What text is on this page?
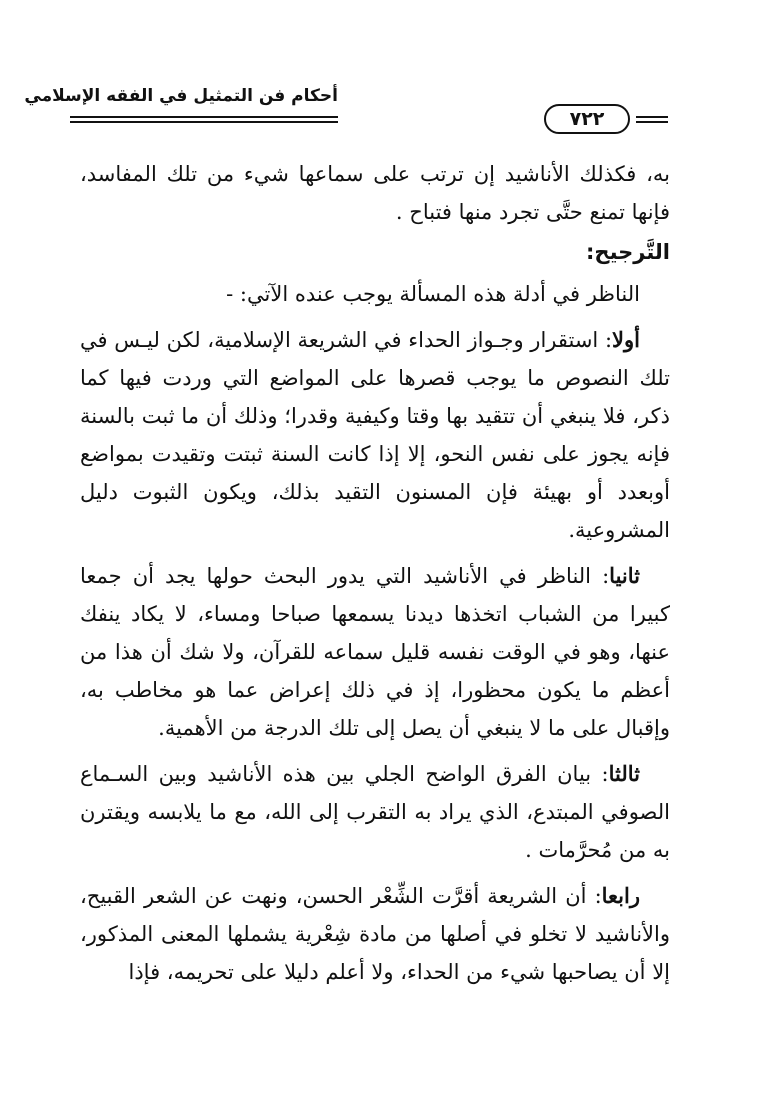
أحكام فن التمثيل في الفقه الإسلامي
٧٢٢

به، فكذلك الأناشيد إن ترتب على سماعها شيء من تلك المفاسد، فإنها تمنع حتَّى تجرد منها فتباح .

التَّرجيح:

الناظر في أدلة هذه المسألة يوجب عنده الآتي: -

أولا: استقرار وجـواز الحداء في الشريعة الإسلامية، لكن ليـس في تلك النصوص ما يوجب قصرها على المواضع التي وردت فيها كما ذكر، فلا ينبغي أن تتقيد بها وقتا وكيفية وقدرا؛ وذلك أن ما ثبت بالسنة فإنه يجوز على نفس النحو، إلا إذا كانت السنة ثبتت وتقيدت بمواضع أوبعدد أو بهيئة فإن المسنون التقيد بذلك، ويكون الثبوت دليل المشروعية.

ثانيا: الناظر في الأناشيد التي يدور البحث حولها يجد أن جمعا كبيرا من الشباب اتخذها ديدنا يسمعها صباحا ومساء، لا يكاد ينفك عنها، وهو في الوقت نفسه قليل سماعه للقرآن، ولا شك أن هذا من أعظم ما يكون محظورا، إذ في ذلك إعراض عما هو مخاطب به، وإقبال على ما لا ينبغي أن يصل إلى تلك الدرجة من الأهمية.

ثالثا: بيان الفرق الواضح الجلي بين هذه الأناشيد وبين السـماع الصوفي المبتدع، الذي يراد به التقرب إلى الله، مع ما يلابسه ويقترن به من مُحرَّمات .

رابعا: أن الشريعة أقرَّت الشِّعْر الحسن، ونهت عن الشعر القبيح، والأناشيد لا تخلو في أصلها من مادة شِعْرية يشملها المعنى المذكور، إلا أن يصاحبها شيء من الحداء، ولا أعلم دليلا على تحريمه، فإذا
